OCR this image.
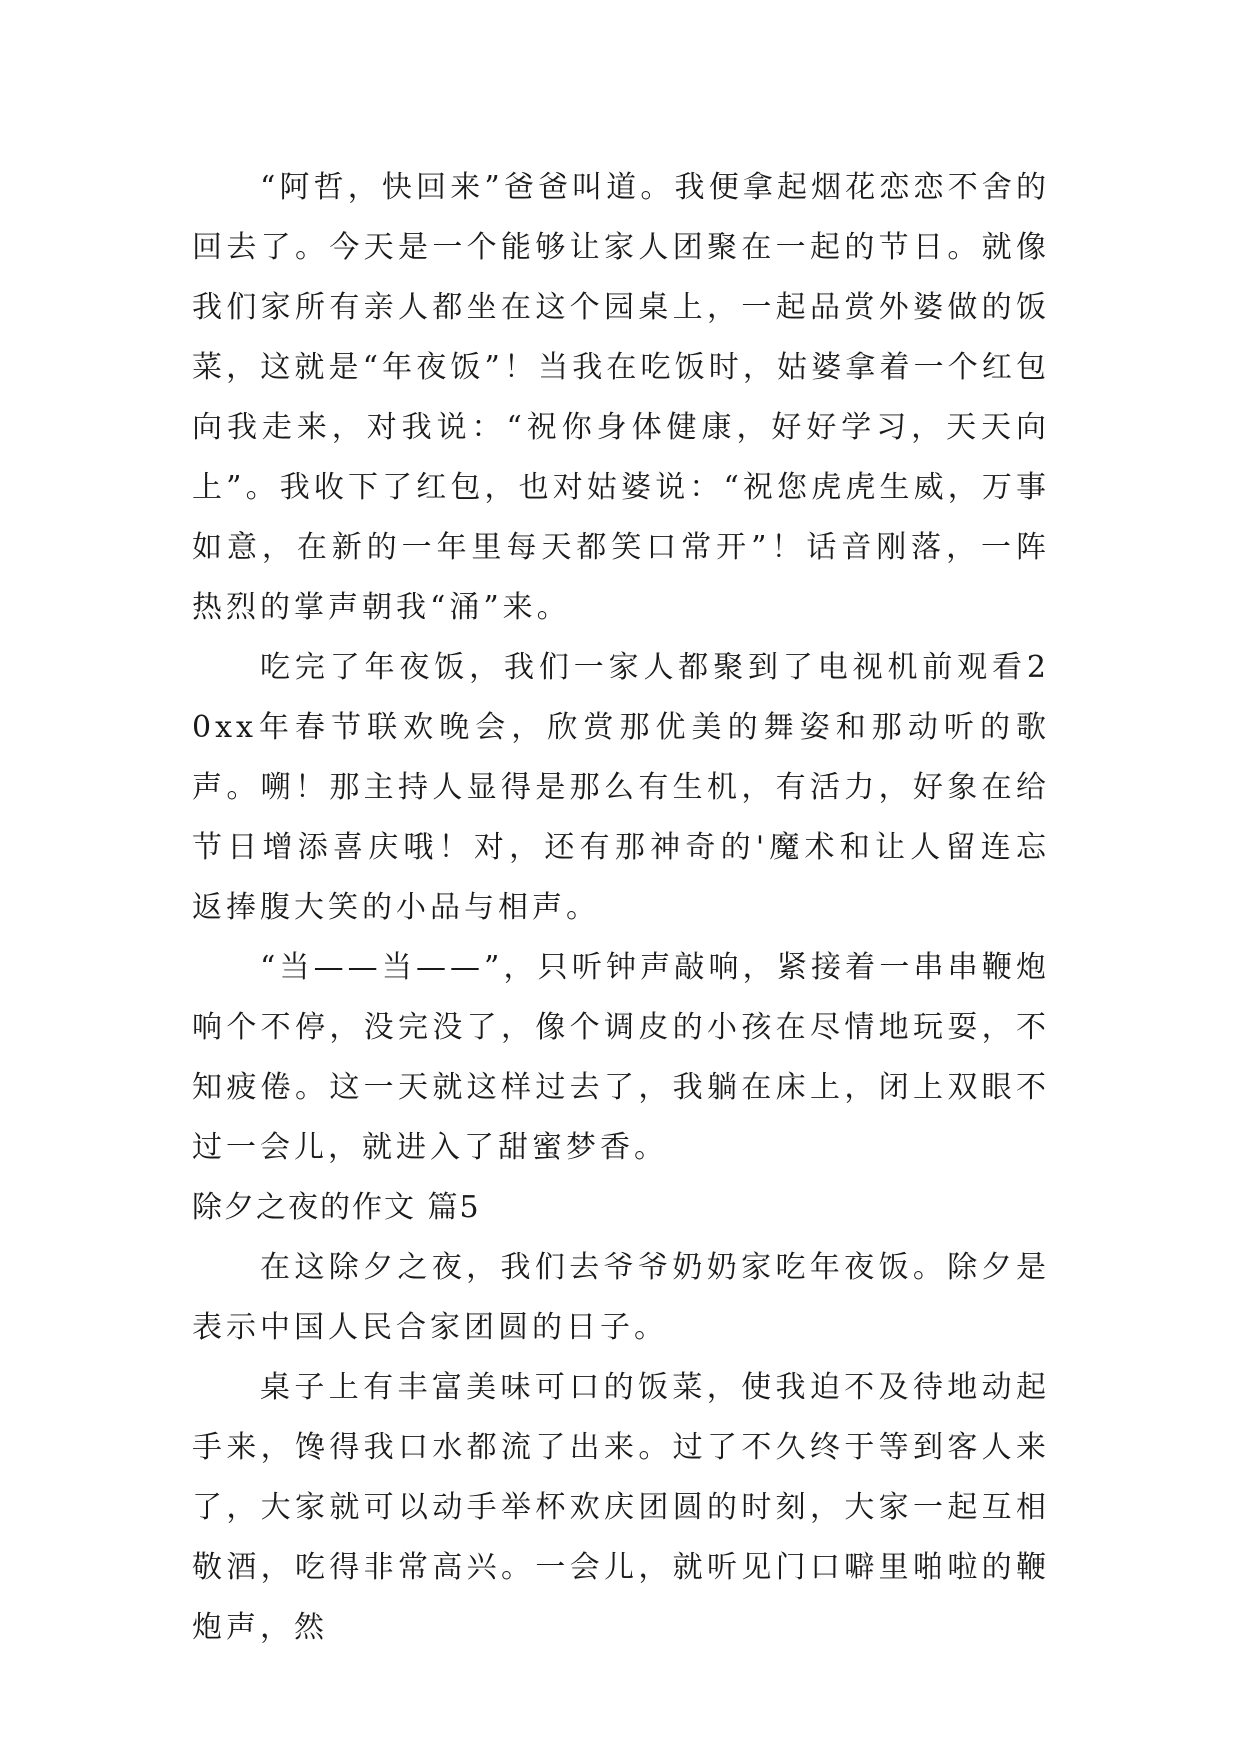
“阿哲，快回来”爸爸叫道。我便拿起烟花恋恋不舍的回去了。今天是一个能够让家人团聚在一起的节日。就像我们家所有亲人都坐在这个园桌上，一起品赏外婆做的饭菜，这就是“年夜饭”！当我在吃饭时，姑婆拿着一个红包向我走来，对我说：“祝你身体健康，好好学习，天天向上”。我收下了红包，也对姑婆说：“祝您虎虎生威，万事如意，在新的一年里每天都笑口常开”！话音刚落，一阵热烈的掌声朝我“涌”来。

吃完了年夜饭，我们一家人都聚到了电视机前观看20xx年春节联欢晚会，欣赏那优美的舞姿和那动听的歌声。嗍！那主持人显得是那么有生机，有活力，好象在给节日增添喜庆哦！对，还有那神奇的'魔术和让人留连忘返捧腹大笑的小品与相声。

“当——当——”，只听钟声敲响，紧接着一串串鞭炮响个不停，没完没了，像个调皮的小孩在尽情地玩耍，不知疲倦。这一天就这样过去了，我躺在床上，闭上双眼不过一会儿，就进入了甜蜜梦香。

除夕之夜的作文 篇5

在这除夕之夜，我们去爷爷奶奶家吃年夜饭。除夕是表示中国人民合家团圆的日子。

桌子上有丰富美味可口的饭菜，使我迫不及待地动起手来，馋得我口水都流了出来。过了不久终于等到客人来了，大家就可以动手举杯欢庆团圆的时刻，大家一起互相敬酒，吃得非常高兴。一会儿，就听见门口噼里啪啦的鞭炮声，然
